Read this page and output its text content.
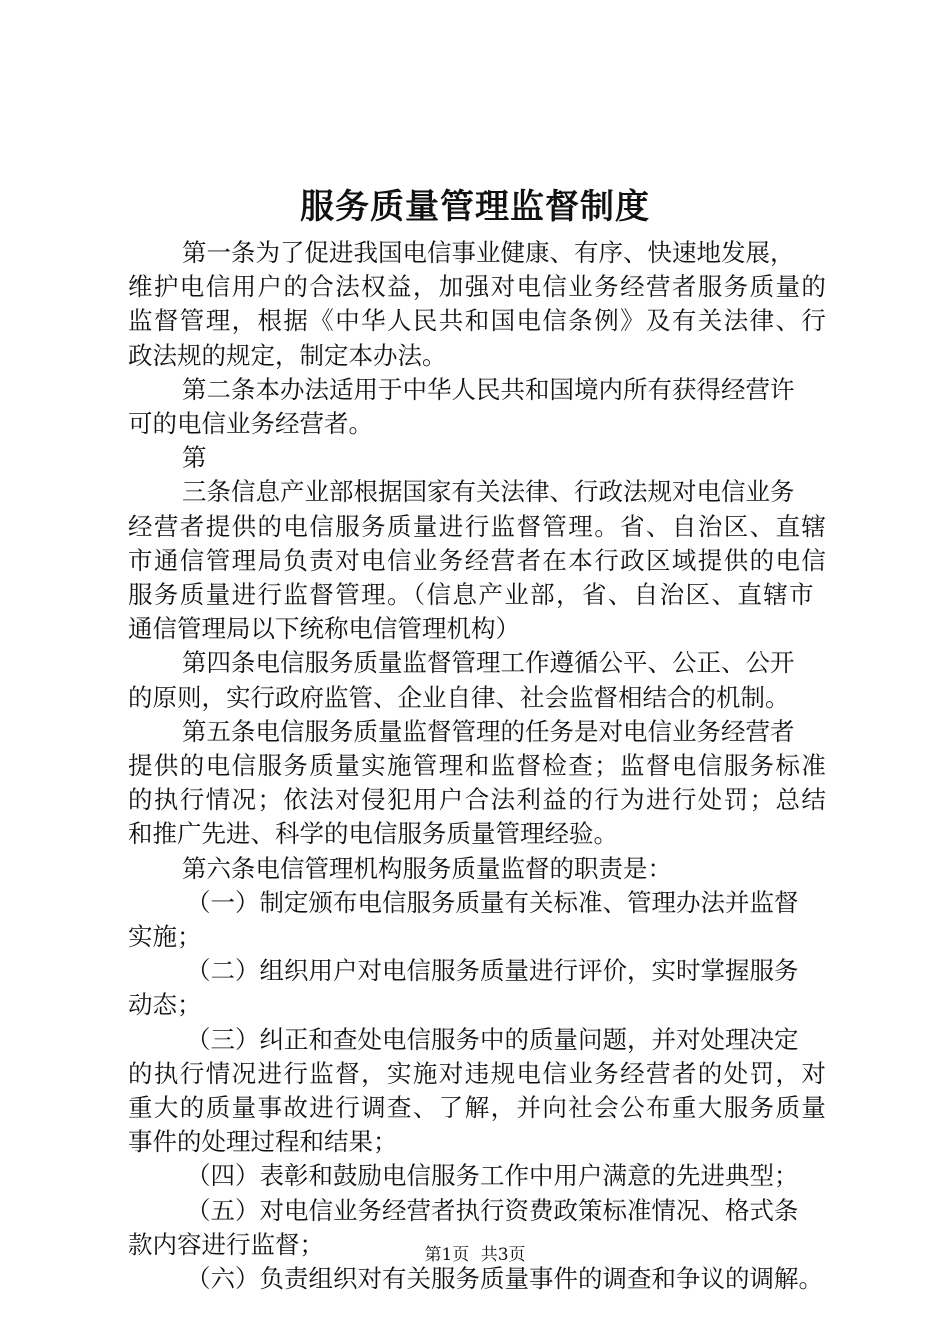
服务质量管理监督制度

第一条为了促进我国电信事业健康、有序、快速地发展，

维护电信用户的合法权益，加强对电信业务经营者服务质量的

监督管理，根据《中华人民共和国电信条例》及有关法律、行

政法规的规定，制定本办法。

第二条本办法适用于中华人民共和国境内所有获得经营许

可的电信业务经营者。

第

三条信息产业部根据国家有关法律、行政法规对电信业务

经营者提供的电信服务质量进行监督管理。省、自治区、直辖

市通信管理局负责对电信业务经营者在本行政区域提供的电信

服务质量进行监督管理。（信息产业部，省、自治区、直辖市

通信管理局以下统称电信管理机构）

第四条电信服务质量监督管理工作遵循公平、公正、公开

的原则，实行政府监管、企业自律、社会监督相结合的机制。

第五条电信服务质量监督管理的任务是对电信业务经营者

提供的电信服务质量实施管理和监督检查；监督电信服务标准

的执行情况；依法对侵犯用户合法利益的行为进行处罚；总结

和推广先进、科学的电信服务质量管理经验。

第六条电信管理机构服务质量监督的职责是：

（一）制定颁布电信服务质量有关标准、管理办法并监督

实施；

（二）组织用户对电信服务质量进行评价，实时掌握服务

动态；

（三）纠正和查处电信服务中的质量问题，并对处理决定

的执行情况进行监督，实施对违规电信业务经营者的处罚，对

重大的质量事故进行调查、了解，并向社会公布重大服务质量

事件的处理过程和结果；

（四）表彰和鼓励电信服务工作中用户满意的先进典型；

（五）对电信业务经营者执行资费政策标准情况、格式条

款内容进行监督；

（六）负责组织对有关服务质量事件的调查和争议的调解。

第1页 共3页
